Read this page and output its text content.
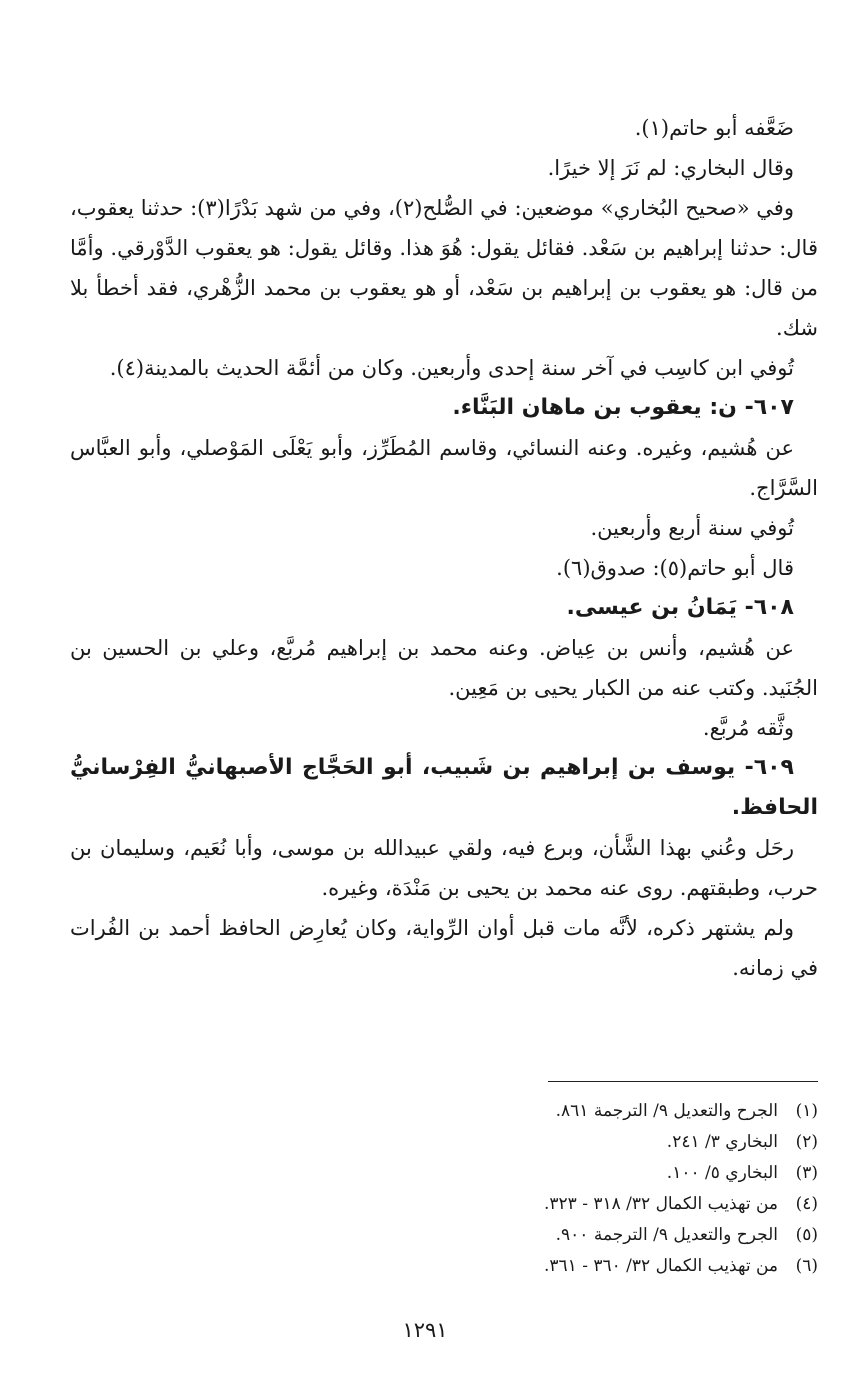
ضَعَّفه أبو حاتم(١).

وقال البخاري: لم نَرَ إلا خيرًا.

وفي «صحيح البُخاري» موضعين: في الصُّلح(٢)، وفي من شهد بَدْرًا(٣): حدثنا يعقوب، قال: حدثنا إبراهيم بن سَعْد. فقائل يقول: هُوَ هذا. وقائل يقول: هو يعقوب الدَّوْرقي. وأمَّا من قال: هو يعقوب بن إبراهيم بن سَعْد، أو هو يعقوب بن محمد الزُّهْري، فقد أخطأ بلا شك.

تُوفي ابن كاسِب في آخر سنة إحدى وأربعين. وكان من أئمَّة الحديث بالمدينة(٤).

٦٠٧- ن: يعقوب بن ماهان البَنَّاء.

عن هُشيم، وغيره. وعنه النسائي، وقاسم المُطَرِّز، وأبو يَعْلَى المَوْصلي، وأبو العبَّاس السَّرَّاج.

تُوفي سنة أربع وأربعين.

قال أبو حاتم(٥): صدوق(٦).

٦٠٨- يَمَانُ بن عيسى.

عن هُشيم، وأنس بن عِياض. وعنه محمد بن إبراهيم مُربَّع، وعلي بن الحسين بن الجُنَيد. وكتب عنه من الكبار يحيى بن مَعِين.

وثَّقه مُربَّع.

٦٠٩- يوسف بن إبراهيم بن شَبيب، أبو الحَجَّاج الأصبهانيُّ الفِرْسانيُّ الحافظ.

رحَل وعُني بهذا الشَّأن، وبرع فيه، ولقي عبيدالله بن موسى، وأبا نُعَيم، وسليمان بن حرب، وطبقتهم. روى عنه محمد بن يحيى بن مَنْدَة، وغيره.

ولم يشتهر ذكره، لأنَّه مات قبل أوان الرِّواية، وكان يُعارِض الحافظ أحمد بن الفُرات في زمانه.

(١)الجرح والتعديل ٩/ الترجمة ٨٦١.
(٢)البخاري ٣/ ٢٤١.
(٣)البخاري ٥/ ١٠٠.
(٤)من تهذيب الكمال ٣٢/ ٣١٨ - ٣٢٣.
(٥)الجرح والتعديل ٩/ الترجمة ٩٠٠.
(٦)من تهذيب الكمال ٣٢/ ٣٦٠ - ٣٦١.
١٢٩١
